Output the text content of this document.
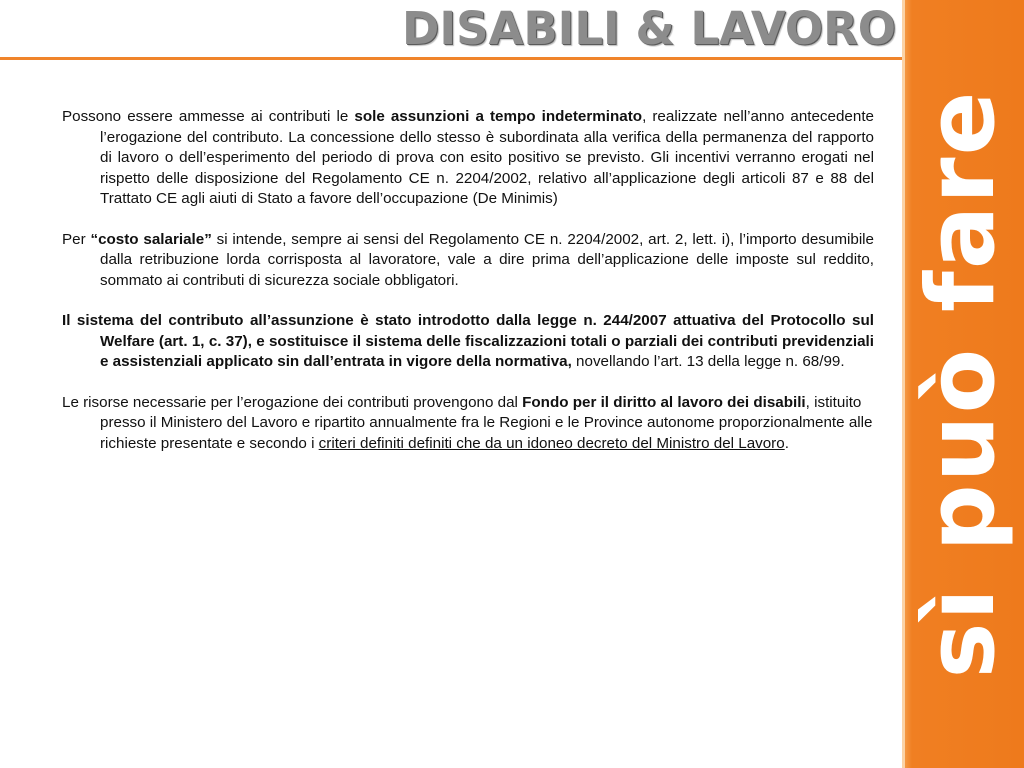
DISABILI & LAVORO
sì può fare

Possono essere ammesse ai contributi le sole assunzioni a tempo indeterminato, realizzate nell’anno antecedente l’erogazione del contributo. La concessione dello stesso è subordinata alla verifica della permanenza del rapporto di lavoro o dell’esperimento del periodo di prova con esito positivo se previsto. Gli incentivi verranno erogati nel rispetto delle disposizione del Regolamento CE n. 2204/2002, relativo all’applicazione degli articoli 87 e 88 del Trattato CE agli aiuti di Stato a favore dell’occupazione (De Minimis)

Per “costo salariale” si intende, sempre ai sensi del Regolamento CE n. 2204/2002, art. 2, lett. i), l’importo desumibile dalla retribuzione lorda corrisposta al lavoratore, vale a dire prima dell’applicazione delle imposte sul reddito, sommato ai contributi di sicurezza sociale obbligatori.

Il sistema del contributo all’assunzione è stato introdotto dalla legge n. 244/2007 attuativa del Protocollo sul Welfare (art. 1, c. 37), e sostituisce il sistema delle fiscalizzazioni totali o parziali dei contributi previdenziali e assistenziali applicato sin dall’entrata in vigore della normativa, novellando l’art. 13 della legge n. 68/99.

Le risorse necessarie per l’erogazione dei contributi provengono dal Fondo per il diritto al lavoro dei disabili, istituito presso il Ministero del Lavoro e ripartito annualmente fra le Regioni e le Province autonome proporzionalmente alle richieste presentate e secondo i criteri definiti definiti che da un idoneo decreto del Ministro del Lavoro.
